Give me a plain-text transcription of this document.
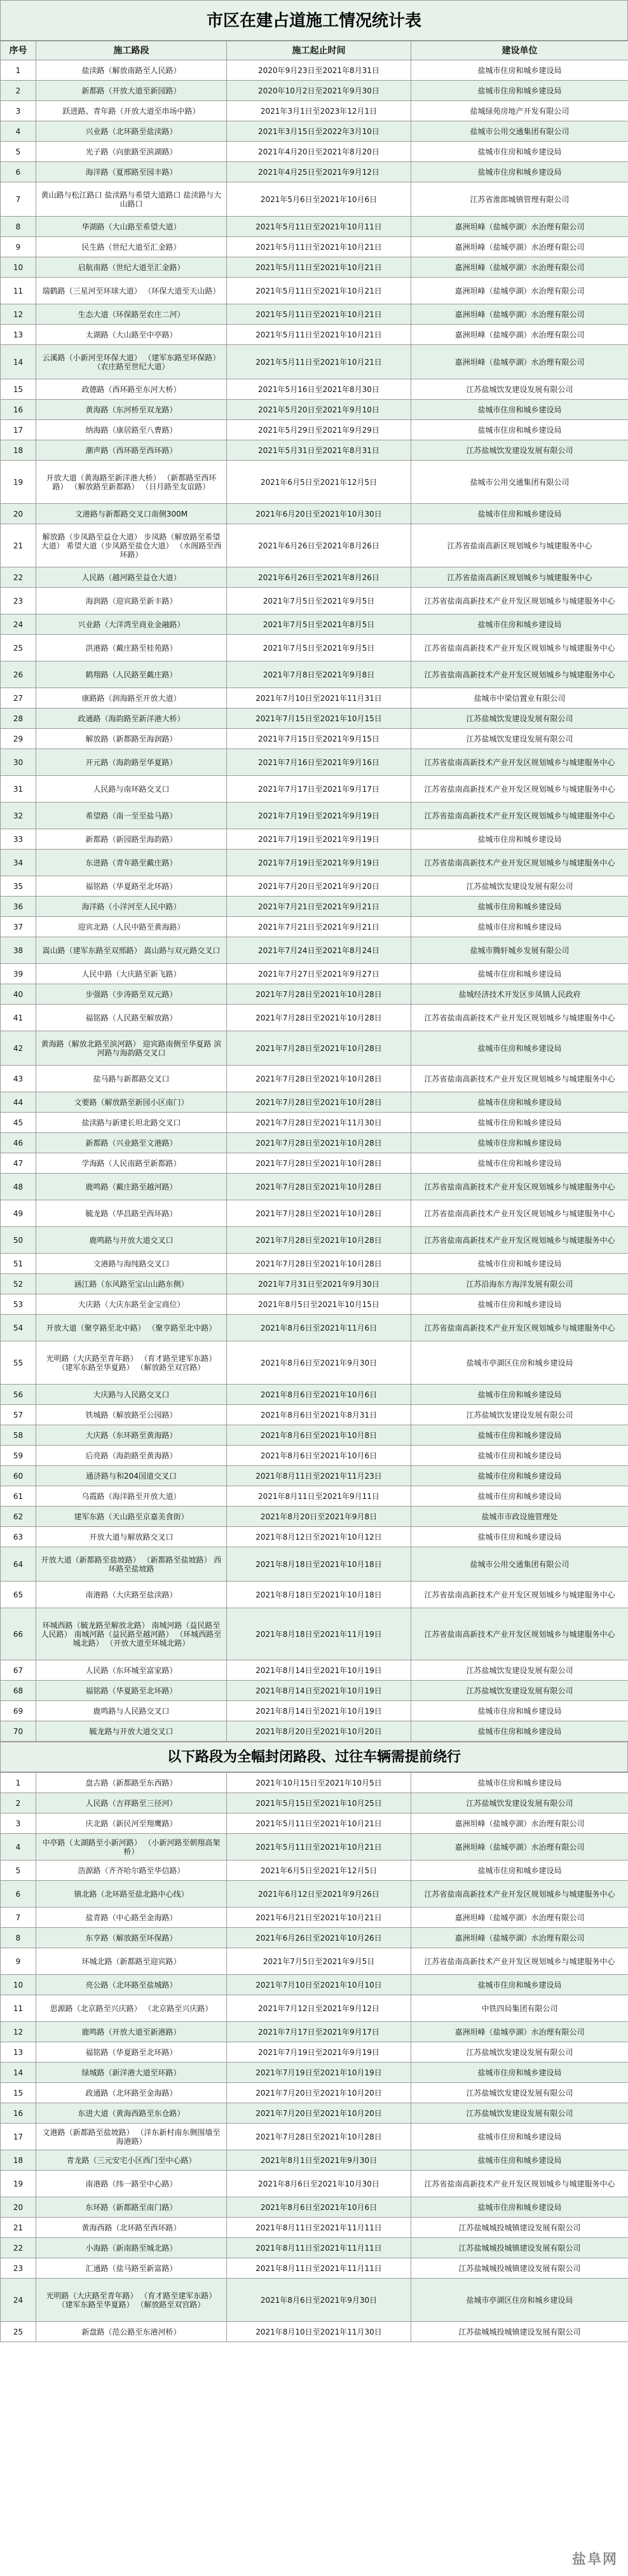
市区在建占道施工情况统计表
序号	施工路段	施工起止时间	建设单位
1	盐渎路（解放南路至人民路）	2020年9月23日至2021年8月31日	盐城市住房和城乡建设局
2	新都路（开放大道至新园路）	2020年10月2日至2021年9月30日	盐城市住房和城乡建设局
3	跃进路、青年路（开放大道至串场中路）	2021年3月1日至2023年12月1日	盐城绿苑房地产开发有限公司
4	兴业路（北环路至盐渎路）	2021年3月15日至2022年3月10日	盐城市公用交通集团有限公司
5	光子路（向旅路至滨湖路）	2021年4月20日至2021年8月20日	盐城市住房和城乡建设局
6	海洋路（夏邢路至园丰路）	2021年4月25日至2021年9月12日	盐城市住房和城乡建设局
7	黄山路与松江路口 盐渎路与希望大道路口 盐渎路与大山路口	2021年5月6日至2021年10月6日	江苏省淮郎城镇管理有限公司
8	华湖路（大山路至希望大道）	2021年5月11日至2021年10月11日	嘉洲坦峰（盐城亭湖）水治理有限公司
9	民生路（世纪大道至汇金路）	2021年5月11日至2021年10月21日	嘉洲坦峰（盐城亭湖）水治理有限公司
10	启航南路（世纪大道至汇金路）	2021年5月11日至2021年10月21日	嘉洲坦峰（盐城亭湖）水治理有限公司
11	瑞鹤路（三星河至环球大道） （环保大道至天山路）	2021年5月11日至2021年10月21日	嘉洲坦峰（盐城亭湖）水治理有限公司
12	生态大道（环保路至农庄二河）	2021年5月11日至2021年10月21日	嘉洲坦峰（盐城亭湖）水治理有限公司
13	太湖路（大山路至中亭路）	2021年5月11日至2021年10月21日	嘉洲坦峰（盐城亭湖）水治理有限公司
14	云溪路（小新河至环保大道） （建军东路至环保路） （农庄路至世纪大道）	2021年5月11日至2021年10月21日	嘉洲坦峰（盐城亭湖）水治理有限公司
15	政德路（西环路至东河大桥）	2021年5月16日至2021年8月30日	江苏盐城饮发建设发展有限公司
16	黄海路（东河桥至双龙路）	2021年5月20日至2021年9月10日	盐城市住房和城乡建设局
17	纳海路（康居路至八曹路）	2021年5月29日至2021年9月29日	盐城市住房和城乡建设局
18	潮声路（西环路至西环路）	2021年5月31日至2021年8月31日	江苏盐城饮发建设发展有限公司
19	开放大道（黄海路至新洋港大桥） （新都路至西环路） （解放路至新都路） （日月路至友谊路）	2021年6月5日至2021年12月5日	盐城市公用交通集团有限公司
20	文港路与新都路交叉口南侧300M	2021年6月20日至2021年10月30日	盐城市住房和城乡建设局
21	解放路（步凤路至益仓大道） 步凤路（解放路至希望大道） 希望大道（步凤路至盐仓大道） （水阁路至西环路）	2021年6月26日至2021年8月26日	江苏省盐南高新区规划城乡与城建服务中心
22	人民路（越河路至益仓大道）	2021年6月26日至2021年8月26日	江苏省盐南高新区规划城乡与城建服务中心
23	海润路（迎宾路至新丰路）	2021年7月5日至2021年9月5日	江苏省盐南高新技术产业开发区规划城乡与城建服务中心
24	兴业路（大洋湾至商业金融路）	2021年7月5日至2021年8月5日	盐城市住房和城乡建设局
25	洪港路（戴庄路至桂苑路）	2021年7月5日至2021年9月5日	江苏省盐南高新技术产业开发区规划城乡与城建服务中心
26	鹤翔路（人民路至戴庄路）	2021年7月8日至2021年9月8日	江苏省盐南高新技术产业开发区规划城乡与城建服务中心
27	康路路（润海路至开放大道）	2021年7月10日至2021年11月31日	盐城市中梁信置业有限公司
28	政通路（海韵路至新洋港大桥）	2021年7月15日至2021年10月15日	江苏盐城饮发建设发展有限公司
29	解放路（新都路至海润路）	2021年7月15日至2021年9月15日	江苏盐城饮发建设发展有限公司
30	开元路（海韵路至华夏路）	2021年7月16日至2021年9月16日	江苏省盐南高新技术产业开发区规划城乡与城建服务中心
31	人民路与南环路交叉口	2021年7月17日至2021年9月17日	江苏省盐南高新技术产业开发区规划城乡与城建服务中心
32	希望路（南一至至盐马路）	2021年7月19日至2021年9月19日	江苏省盐南高新技术产业开发区规划城乡与城建服务中心
33	新都路（新园路至海韵路）	2021年7月19日至2021年9月19日	盐城市住房和城乡建设局
34	东进路（青年路至戴庄路）	2021年7月19日至2021年9月19日	江苏省盐南高新技术产业开发区规划城乡与城建服务中心
35	福铭路（华夏路至北环路）	2021年7月20日至2021年9月20日	江苏盐城饮发建设发展有限公司
36	海洋路（小洋河至人民中路）	2021年7月21日至2021年9月21日	盐城市住房和城乡建设局
37	迎宾北路（人民中路至黄海路）	2021年7月21日至2021年9月21日	盐城市住房和城乡建设局
38	嵩山路（建军东路至双邢路） 嵩山路与双元路交叉口	2021年7月24日至2021年8月24日	盐城市腾轩城乡发展有限公司
39	人民中路（大庆路至新飞路）	2021年7月27日至2021年9月27日	盐城市住房和城乡建设局
40	步强路（步涛路至双元路）	2021年7月28日至2021年10月28日	盐城经济技术开发区步凤镇人民政府
41	福铭路（人民路至解放路）	2021年7月28日至2021年10月28日	江苏省盐南高新技术产业开发区规划城乡与城建服务中心
42	黄海路（解放北路至滨河路） 迎宾路南侧至华夏路 滨河路与海韵路交叉口	2021年7月28日至2021年10月28日	盐城市住房和城乡建设局
43	盐马路与新都路交叉口	2021年7月28日至2021年10月28日	江苏省盐南高新技术产业开发区规划城乡与城建服务中心
44	文要路（解放路至新园小区南门）	2021年7月28日至2021年10月28日	盐城市住房和城乡建设局
45	盐渎路与新建长坦北路交叉口	2021年7月28日至2021年11月30日	盐城市住房和城乡建设局
46	新都路（兴业路至文港路）	2021年7月28日至2021年10月28日	盐城市住房和城乡建设局
47	学海路（人民南路至新都路）	2021年7月28日至2021年10月28日	盐城市住房和城乡建设局
48	鹿鸣路（戴庄路至越河路）	2021年7月28日至2021年10月28日	江苏省盐南高新技术产业开发区规划城乡与城建服务中心
49	毓龙路（华昌路至西环路）	2021年7月28日至2021年10月28日	江苏省盐南高新技术产业开发区规划城乡与城建服务中心
50	鹿鸣路与开放大道交叉口	2021年7月28日至2021年10月28日	江苏省盐南高新技术产业开发区规划城乡与城建服务中心
51	文港路与海纯路交叉口	2021年7月28日至2021年10月28日	盐城市住房和城乡建设局
52	涵江路（东风路至宝山山路东侧）	2021年7月31日至2021年9月30日	江苏沿海东方海洋发展有限公司
53	大庆路（大庆东路至金宝商位）	2021年8月5日至2021年10月15日	盐城市住房和城乡建设局
54	开放大道（聚亨路至北中路） （聚亨路至北中路）	2021年8月6日至2021年11月6日	江苏省盐南高新技术产业开发区规划城乡与城建服务中心
55	光明路（大庆路至青年路） （育才路至建军东路） （建军东路至华夏路） （解放路至双宫路）	2021年8月6日至2021年9月30日	盐城市亭湖区住房和城乡建设局
56	大庆路与人民路交叉口	2021年8月6日至2021年10月6日	盐城市住房和城乡建设局
57	铁城路（解放路至公园路）	2021年8月6日至2021年8月31日	江苏盐城饮发建设发展有限公司
58	大庆路（东环路至黄海路）	2021年8月6日至2021年10月8日	盐城市住房和城乡建设局
59	后亮路（海韵路至黄海路）	2021年8月6日至2021年10月6日	盐城市住房和城乡建设局
60	通济路与和204国道交叉口	2021年8月11日至2021年11月23日	盐城市住房和城乡建设局
61	乌霞路（海洋路至开放大道）	2021年8月11日至2021年9月11日	盐城市住房和城乡建设局
62	建军东路（天山路至京嘉美食街）	2021年8月20日至2021年9月8日	盐城市市政设施管理处
63	开放大道与解放路交叉口	2021年8月12日至2021年10月12日	盐城市住房和城乡建设局
64	开放大道（新都路至盐坡路） （新都路至盐坡路） 西环路至盐坡路	2021年8月18日至2021年10月18日	盐城市公用交通集团有限公司
65	南港路（大庆路至盐渎路）	2021年8月18日至2021年10月18日	江苏省盐南高新技术产业开发区规划城乡与城建服务中心
66	环城西路（毓龙路至解放北路） 南城河路（益民路至人民路） 南城河路（益民路至越河路） （环城西路至城北路） （开放大道至环城北路）	2021年8月18日至2021年11月19日	江苏省盐南高新技术产业开发区规划城乡与城建服务中心
67	人民路（东环城至富家路）	2021年8月14日至2021年10月19日	江苏盐城饮发建设发展有限公司
68	福铭路（华夏路至北环路）	2021年8月14日至2021年10月19日	江苏盐城饮发建设发展有限公司
69	鹿鸣路与人民路交叉口	2021年8月14日至2021年10月19日	盐城市住房和城乡建设局
70	毓龙路与开放大道交叉口	2021年8月20日至2021年10月20日	盐城市住房和城乡建设局
以下路段为全幅封闭路段、过往车辆需提前绕行
1	盘古路（新都路至东西路）	2021年10月15日至2021年10月5日	盐城市住房和城乡建设局
2	人民路（吉祥路至三径河）	2021年5月15日至2021年10月25日	江苏盐城饮发建设发展有限公司
3	庆北路（新民河至翔鹰路）	2021年5月11日至2021年10月21日	嘉洲坦峰（盐城亭湖）水治理有限公司
4	中亭路（太湖路至小新河路） （小新河路至朝翔高架桥）	2021年5月11日至2021年10月21日	嘉洲坦峰（盐城亭湖）水治理有限公司
5	浩源路（齐齐哈尔路至华信路）	2021年6月5日至2021年12月5日	盐城市住房和城乡建设局
6	镇北路（北环路至盐北路中心线）	2021年6月12日至2021年9月26日	江苏省盐南高新技术产业开发区规划城乡与城建服务中心
7	盐青路（中心路至金海路）	2021年6月21日至2021年10月21日	嘉洲坦峰（盐城亭湖）水治理有限公司
8	东亨路（解放路至环保路）	2021年6月26日至2021年10月26日	嘉洲坦峰（盐城亭湖）水治理有限公司
9	环城北路（新都路至迎宾路）	2021年7月5日至2021年9月5日	江苏省盐南高新技术产业开发区规划城乡与城建服务中心
10	亮公路（北环路至盐城路）	2021年7月10日至2021年10月10日	盐城市住房和城乡建设局
11	思源路（北京路至兴庆路） （北京路至兴庆路）	2021年7月12日至2021年9月12日	中铁四局集团有限公司
12	鹿鸣路（开放大道至新港路）	2021年7月17日至2021年9月17日	嘉洲坦峰（盐城亭湖）水治理有限公司
13	福铭路（华夏路至北环路）	2021年7月19日至2021年9月19日	江苏盐城饮发建设发展有限公司
14	绿城路（新洋港大道至环路）	2021年7月19日至2021年10月19日	盐城市住房和城乡建设局
15	政通路（北环路至金海路）	2021年7月20日至2021年10月20日	江苏盐城饮发建设发展有限公司
16	东进大道（黄海西路至东仓路）	2021年7月20日至2021年10月20日	江苏盐城饮发建设发展有限公司
17	文港路（新都路至盐坡路） （洋东新村南东侧围墙至海港路）	2021年7月28日至2021年10月28日	盐城市住房和城乡建设局
18	青龙路（三元安宅小区西门至中心路）	2021年8月1日至2021年9月30日	盐城市住房和城乡建设局
19	南港路（纬一路至中心路）	2021年8月6日至2021年10月30日	江苏省盐南高新技术产业开发区规划城乡与城建服务中心
20	东环路（新都路至南门路）	2021年8月6日至2021年10月6日	盐城市住房和城乡建设局
21	黄海西路（北环路至西环路）	2021年8月11日至2021年11月11日	江苏盐城城投城镇建设发展有限公司
22	小海路（新南路至城北路）	2021年8月11日至2021年11月11日	江苏盐城城投城镇建设发展有限公司
23	汇通路（盐马路至新富路）	2021年8月11日至2021年11月11日	江苏盐城城投城镇建设发展有限公司
24	光明路（大庆路至青年路） （育才路至建军东路） （建军东路至华夏路） （解放路至双宫路）	2021年8月6日至2021年9月30日	盐城市亭湖区住房和城乡建设局
25	新盘路（范公路至东港河桥）	2021年8月10日至2021年11月30日	江苏盐城城投城镇建设发展有限公司
盐阜网
